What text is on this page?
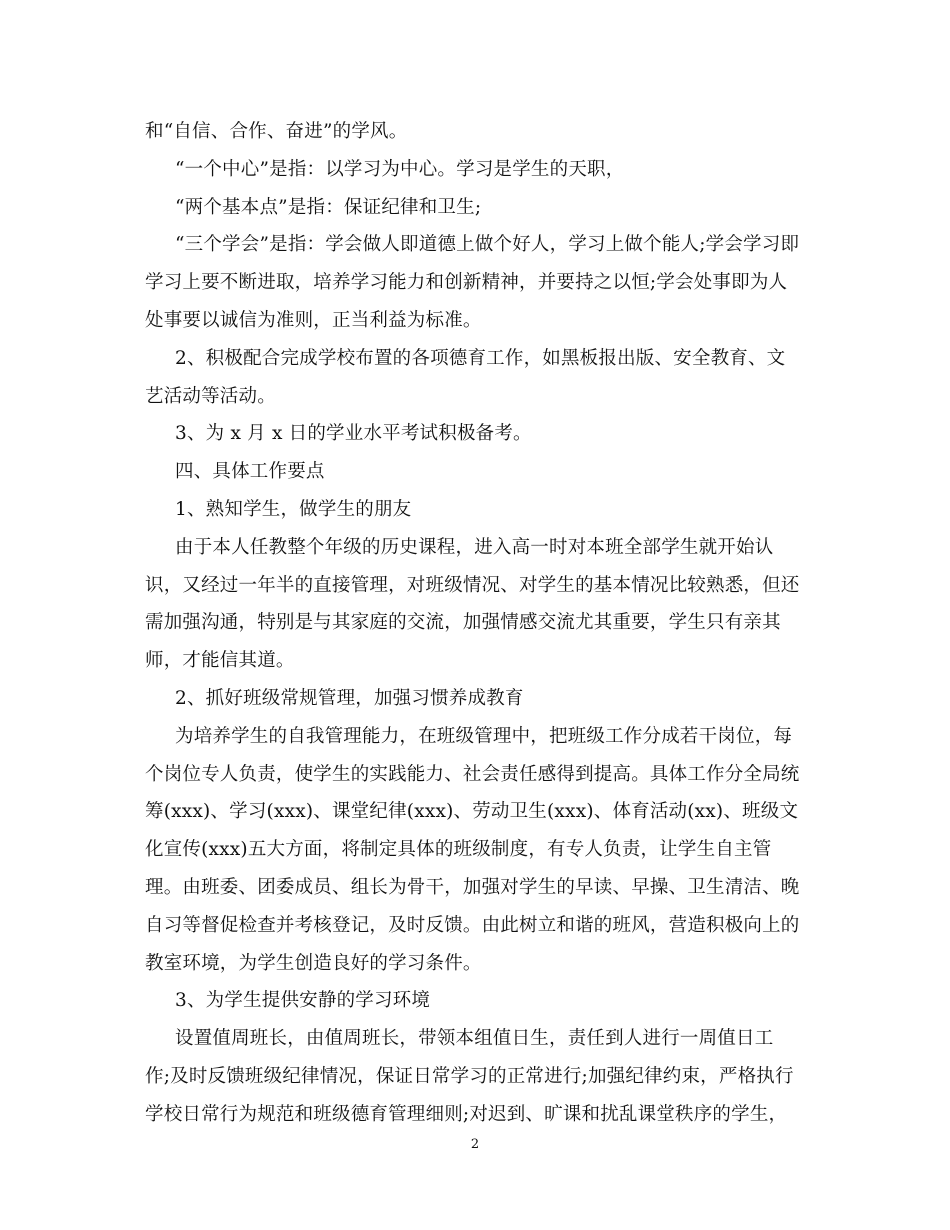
和“自信、合作、奋进”的学风。
“一个中心”是指：以学习为中心。学习是学生的天职，
“两个基本点”是指：保证纪律和卫生;
“三个学会”是指：学会做人即道德上做个好人，学习上做个能人;学会学习即
学习上要不断进取，培养学习能力和创新精神，并要持之以恒;学会处事即为人
处事要以诚信为准则，正当利益为标准。
2、积极配合完成学校布置的各项德育工作，如黑板报出版、安全教育、文
艺活动等活动。
3、为 x 月 x 日的学业水平考试积极备考。
四、具体工作要点
1、熟知学生，做学生的朋友
由于本人任教整个年级的历史课程，进入高一时对本班全部学生就开始认
识，又经过一年半的直接管理，对班级情况、对学生的基本情况比较熟悉，但还
需加强沟通，特别是与其家庭的交流，加强情感交流尤其重要，学生只有亲其
师，才能信其道。
2、抓好班级常规管理，加强习惯养成教育
为培养学生的自我管理能力，在班级管理中，把班级工作分成若干岗位，每
个岗位专人负责，使学生的实践能力、社会责任感得到提高。具体工作分全局统
筹(xxx)、学习(xxx)、课堂纪律(xxx)、劳动卫生(xxx)、体育活动(xx)、班级文
化宣传(xxx)五大方面，将制定具体的班级制度，有专人负责，让学生自主管
理。由班委、团委成员、组长为骨干，加强对学生的早读、早操、卫生清洁、晚
自习等督促检查并考核登记，及时反馈。由此树立和谐的班风，营造积极向上的
教室环境，为学生创造良好的学习条件。
3、为学生提供安静的学习环境
设置值周班长，由值周班长，带领本组值日生，责任到人进行一周值日工
作;及时反馈班级纪律情况，保证日常学习的正常进行;加强纪律约束，严格执行
学校日常行为规范和班级德育管理细则;对迟到、旷课和扰乱课堂秩序的学生，
2
